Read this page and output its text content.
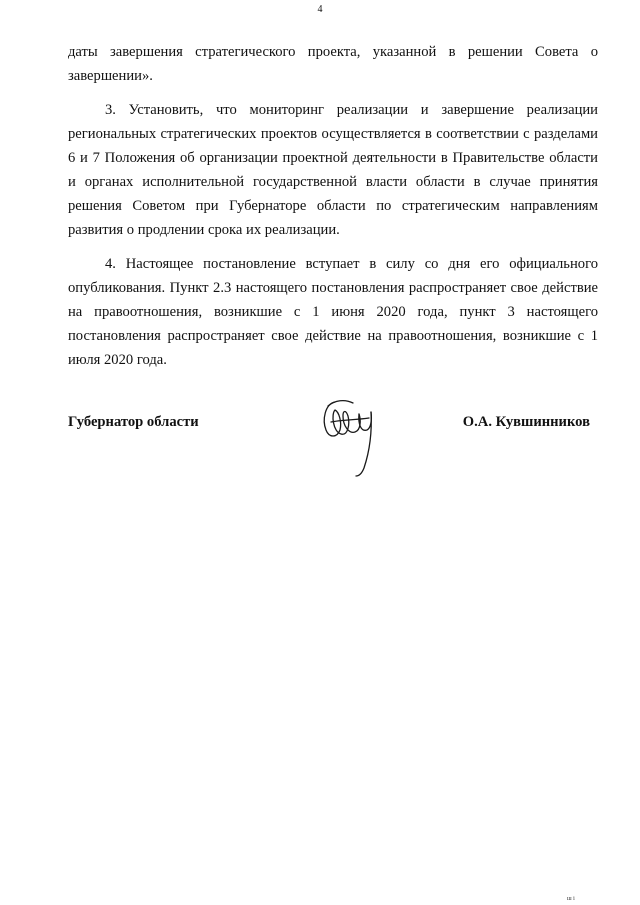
4

даты завершения стратегического проекта, указанной в решении Совета о завершении».

3. Установить, что мониторинг реализации и завершение реализации региональных стратегических проектов осуществляется в соответствии с разделами 6 и 7 Положения об организации проектной деятельности в Правительстве области и органах исполнительной государственной власти области в случае принятия решения Советом при Губернаторе области по стратегическим направлениям развития о продлении срока их реализации.

4. Настоящее постановление вступает в силу со дня его официального опубликования. Пункт 2.3 настоящего постановления распространяет свое действие на правоотношения, возникшие с 1 июня 2020 года, пункт 3 настоящего постановления распространяет свое действие на правоотношения, возникшие с 1 июля 2020 года.

Губернатор области	О.А. Кувшинников
ш і
